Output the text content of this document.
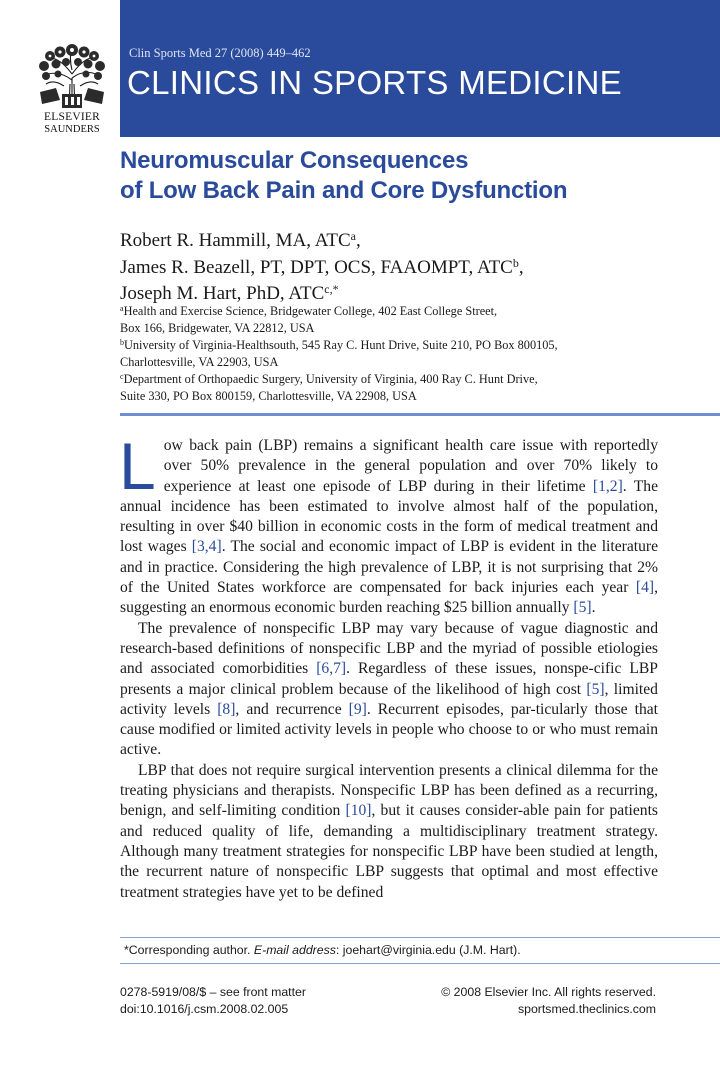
ELSEVIER
SAUNDERS
Clin Sports Med 27 (2008) 449–462
CLINICS IN SPORTS MEDICINE
Neuromuscular Consequences
of Low Back Pain and Core Dysfunction
Robert R. Hammill, MA, ATC$^a$,
James R. Beazell, PT, DPT, OCS, FAAOMPT, ATC$^b$,
Joseph M. Hart, PhD, $ATC^{c,*}$
$^a$Health and Exercise Science, Bridgewater College, 402 East College Street,
Box 166, Bridgewater, VA 22812, USA
$^b$University of Virginia-Healthsouth, 545 Ray C. Hunt Drive, Suite 210, PO Box 800105,
Charlottesville, VA 22903, USA
$^c$Department of Orthopaedic Surgery, University of Virginia, 400 Ray C. Hunt Drive,
Suite 330, PO Box 800159, Charlottesville, VA 22908, USA

Low back pain (LBP) remains a significant health care issue with reportedly over 50% prevalence in the general population and over 70% likely to experience at least one episode of LBP during in their lifetime [1,2]. The annual incidence has been estimated to involve almost half of the population, resulting in over $40 billion in economic costs in the form of medical treatment and lost wages [3,4]. The social and economic impact of LBP is evident in the literature and in practice. Considering the high prevalence of LBP, it is not surprising that 2% of the United States workforce are compensated for back injuries each year [4], suggesting an enormous economic burden reaching $25 billion annually [5].

The prevalence of nonspecific LBP may vary because of vague diagnostic and research-based definitions of nonspecific LBP and the myriad of possible etiologies and associated comorbidities [6,7]. Regardless of these issues, nonspe-cific LBP presents a major clinical problem because of the likelihood of high cost [5], limited activity levels [8], and recurrence [9]. Recurrent episodes, par-ticularly those that cause modified or limited activity levels in people who choose to or who must remain active.

LBP that does not require surgical intervention presents a clinical dilemma for the treating physicians and therapists. Nonspecific LBP has been defined as a recurring, benign, and self-limiting condition [10], but it causes consider-able pain for patients and reduced quality of life, demanding a multidisciplinary treatment strategy. Although many treatment strategies for nonspecific LBP have been studied at length, the recurrent nature of nonspecific LBP suggests that optimal and most effective treatment strategies have yet to be defined

*Corresponding author. E-mail address: joehart@virginia.edu (J.M. Hart).
0278-5919/08/$ – see front matter
doi:10.1016/j.csm.2008.02.005
© 2008 Elsevier Inc. All rights reserved.
sportsmed.theclinics.com
